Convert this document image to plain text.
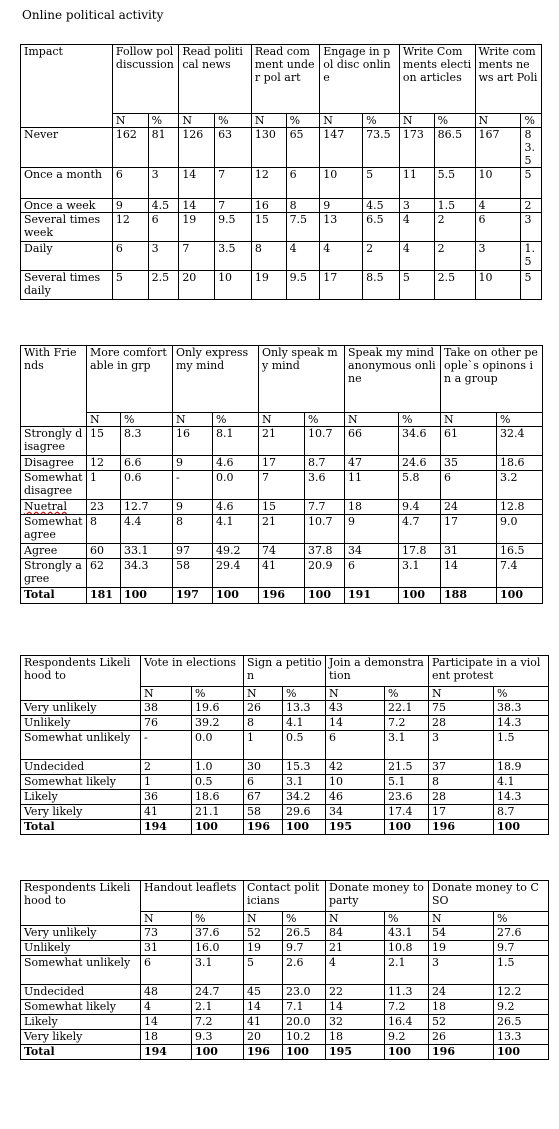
Online political activity
Impact	Follow pol discussion		Read political news		Read comment under pol art		Engage in pol disc online		Write Comments election articles		Write comments news art Poli	
	N	%	N	%	N	%	N	%	N	%	N	%
Never	162	81	126	63	130	65	147	73.5	173	86.5	167	83.5
Once a month	6	3	14	7	12	6	10	5	11	5.5	10	5
Once a week	9	4.5	14	7	16	8	9	4.5	3	1.5	4	2
Several times week	12	6	19	9.5	15	7.5	13	6.5	4	2	6	3
Daily	6	3	7	3.5	8	4	4	2	4	2	3	1.5
Several times daily	5	2.5	20	10	19	9.5	17	8.5	5	2.5	10	5
With Friends	More comfortable in grp		Only express my mind		Only speak my mind		Speak my mind anonymous online		Take on other people`s opinons in a group	
	N	%	N	%	N	%	N	%	N	%
Strongly disagree	15	8.3	16	8.1	21	10.7	66	34.6	61	32.4
Disagree	12	6.6	9	4.6	17	8.7	47	24.6	35	18.6
Somewhat disagree	1	0.6	-	0.0	7	3.6	11	5.8	6	3.2
Nuetral	23	12.7	9	4.6	15	7.7	18	9.4	24	12.8
Somewhat agree	8	4.4	8	4.1	21	10.7	9	4.7	17	9.0
Agree	60	33.1	97	49.2	74	37.8	34	17.8	31	16.5
Strongly agree	62	34.3	58	29.4	41	20.9	6	3.1	14	7.4
Total	181	100	197	100	196	100	191	100	188	100
Respondents Likelihood to	Vote in elections		Sign a petition		Join a demonstration		Participate in a violent protest	
	N	%	N	%	N	%	N	%
Very unlikely	38	19.6	26	13.3	43	22.1	75	38.3
Unlikely	76	39.2	8	4.1	14	7.2	28	14.3
Somewhat unlikely	-	0.0	1	0.5	6	3.1	3	1.5
Undecided	2	1.0	30	15.3	42	21.5	37	18.9
Somewhat likely	1	0.5	6	3.1	10	5.1	8	4.1
Likely	36	18.6	67	34.2	46	23.6	28	14.3
Very likely	41	21.1	58	29.6	34	17.4	17	8.7
Total	194	100	196	100	195	100	196	100
Respondents Likelihood to	Handout leaflets		Contact politicians		Donate money to party		Donate money to CSO	
	N	%	N	%	N	%	N	%
Very unlikely	73	37.6	52	26.5	84	43.1	54	27.6
Unlikely	31	16.0	19	9.7	21	10.8	19	9.7
Somewhat unlikely	6	3.1	5	2.6	4	2.1	3	1.5
Undecided	48	24.7	45	23.0	22	11.3	24	12.2
Somewhat likely	4	2.1	14	7.1	14	7.2	18	9.2
Likely	14	7.2	41	20.0	32	16.4	52	26.5
Very likely	18	9.3	20	10.2	18	9.2	26	13.3
Total	194	100	196	100	195	100	196	100
